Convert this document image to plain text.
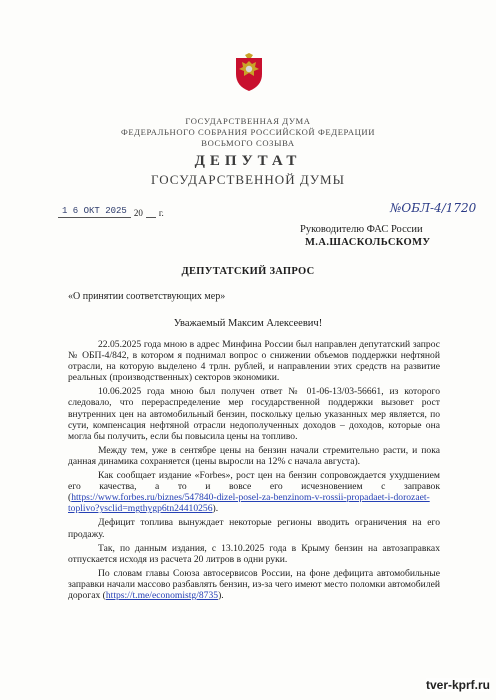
ГОСУДАРСТВЕННАЯ ДУМА
ФЕДЕРАЛЬНОГО СОБРАНИЯ РОССИЙСКОЙ ФЕДЕРАЦИИ
ВОСЬМОГО СОЗЫВА
ДЕПУТАТ
ГОСУДАРСТВЕННОЙ ДУМЫ
1 6 ОКТ 2025 20 г.	№ОБЛ-4/1720
Руководителю ФАС России
М.А.ШАСКОЛЬСКОМУ
ДЕПУТАТСКИЙ ЗАПРОС
«О принятии соответствующих мер»
Уважаемый Максим Алексеевич!

22.05.2025 года мною в адрес Минфина России был направлен депутатский запрос № ОБП-4/842, в котором я поднимал вопрос о снижении объемов поддержки нефтяной отрасли, на которую выделено 4 трлн. рублей, и направлении этих средств на развитие реальных (производственных) секторов экономики.

10.06.2025 года мною был получен ответ № 01-06-13/03-56661, из которого следовало, что перераспределение мер государственной поддержки вызовет рост внутренних цен на автомобильный бензин, поскольку целью указанных мер является, по сути, компенсация нефтяной отрасли недополученных доходов – доходов, которые она могла бы получить, если бы повысила цены на топливо.

Между тем, уже в сентябре цены на бензин начали стремительно расти, и пока данная динамика сохраняется (цены выросли на 12% с начала августа).

Как сообщает издание «Forbes», рост цен на бензин сопровождается ухудшением его качества, а то и вовсе его исчезновением с заправок (https://www.forbes.ru/biznes/547840-dizel-posel-za-benzinom-v-rossii-propadaet-i-dorozaet-toplivo?ysclid=mgthygp6tn24410256).

Дефицит топлива вынуждает некоторые регионы вводить ограничения на его продажу.

Так, по данным издания, с 13.10.2025 года в Крыму бензин на автозаправках отпускается исходя из расчета 20 литров в одни руки.

По словам главы Союза автосервисов России, на фоне дефицита автомобильные заправки начали массово разбавлять бензин, из-за чего имеют место поломки автомобилей дорогах (https://t.me/economistg/8735).

tver-kprf.ru
